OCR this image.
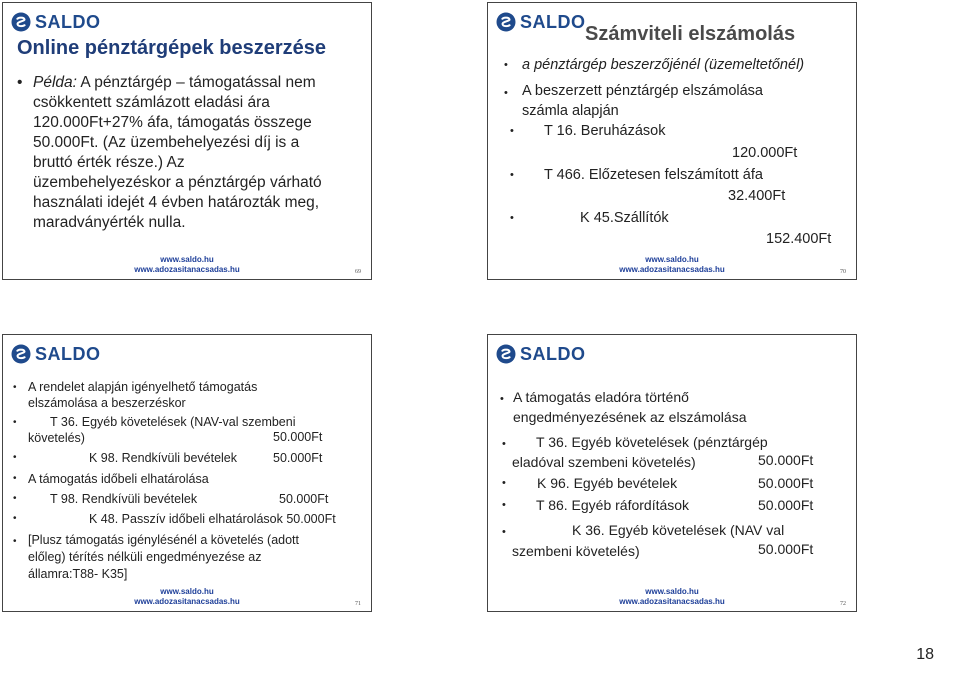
SALDO
Online pénztárgépek beszerzése
• Példa: A pénztárgép – támogatással nem
csökkentett számlázott eladási ára
120.000Ft+27% áfa, támogatás összege
50.000Ft. (Az üzembehelyezési díj is a
bruttó érték része.) Az
üzembehelyezéskor a pénztárgép várható
használati idejét 4 évben határozták meg,
maradványérték nulla.
www.saldo.hu
www.adozasitanacsadas.hu	69
SALDO
Számviteli elszámolás
• a pénztárgép beszerzőjénél (üzemeltetőnél)
• A beszerzett pénztárgép elszámolása
számla alapján
• T 16. Beruházások
120.000Ft
• T 466. Előzetesen felszámított áfa
32.400Ft
•	K 45.Szállítók
152.400Ft
www.saldo.hu
www.adozasitanacsadas.hu	70
SALDO
• A rendelet alapján igényelhető támogatás
elszámolása a beszerzéskor
•	T 36. Egyéb követelések (NAV-val szembeni
követelés)	50.000Ft
•	K 98. Rendkívüli bevételek	50.000Ft
• A támogatás időbeli elhatárolása
•	T 98. Rendkívüli bevételek	50.000Ft
•	K 48. Passzív időbeli elhatárolások 50.000Ft
• [Plusz támogatás igénylésénél a követelés (adott
előleg) térítés nélküli engedményezése az
államra:T88- K35]
www.saldo.hu
www.adozasitanacsadas.hu	71
SALDO
• A támogatás eladóra történő
engedményezésének az elszámolása
• T 36. Egyéb követelések (pénztárgép
eladóval szembeni követelés)	50.000Ft
• K 96. Egyéb bevételek	50.000Ft
• T 86. Egyéb ráfordítások	50.000Ft
•	K 36. Egyéb követelések (NAV val
szembeni követelés)	50.000Ft
www.saldo.hu
www.adozasitanacsadas.hu	72
18
